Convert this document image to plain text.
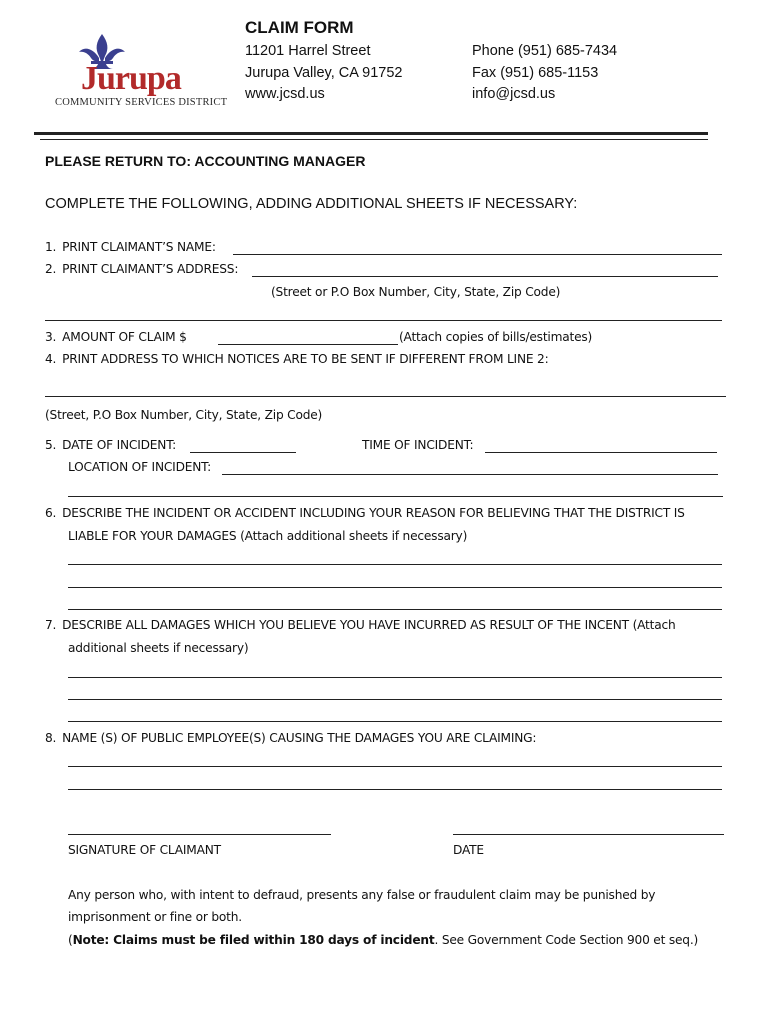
Jurupa
COMMUNITY SERVICES DISTRICT
CLAIM FORM
11201 Harrel Street
Jurupa Valley, CA 91752
www.jcsd.us
Phone (951) 685-7434
Fax (951) 685-1153
info@jcsd.us
PLEASE RETURN TO: ACCOUNTING MANAGER
COMPLETE THE FOLLOWING, ADDING ADDITIONAL SHEETS IF NECESSARY:
1. PRINT CLAIMANT’S NAME:
2. PRINT CLAIMANT’S ADDRESS:
(Street or P.O Box Number, City, State, Zip Code)
3. AMOUNT OF CLAIM $	(Attach copies of bills/estimates)
4. PRINT ADDRESS TO WHICH NOTICES ARE TO BE SENT IF DIFFERENT FROM LINE 2:
(Street, P.O Box Number, City, State, Zip Code)
5. DATE OF INCIDENT:	TIME OF INCIDENT:
LOCATION OF INCIDENT:
6. DESCRIBE THE INCIDENT OR ACCIDENT INCLUDING YOUR REASON FOR BELIEVING THAT THE DISTRICT IS
LIABLE FOR YOUR DAMAGES (Attach additional sheets if necessary)
7. DESCRIBE ALL DAMAGES WHICH YOU BELIEVE YOU HAVE INCURRED AS RESULT OF THE INCENT (Attach
additional sheets if necessary)
8. NAME (S) OF PUBLIC EMPLOYEE(S) CAUSING THE DAMAGES YOU ARE CLAIMING:
SIGNATURE OF CLAIMANT	DATE
Any person who, with intent to defraud, presents any false or fraudulent claim may be punished by
imprisonment or fine or both.
(Note: Claims must be filed within 180 days of incident. See Government Code Section 900 et seq.)
